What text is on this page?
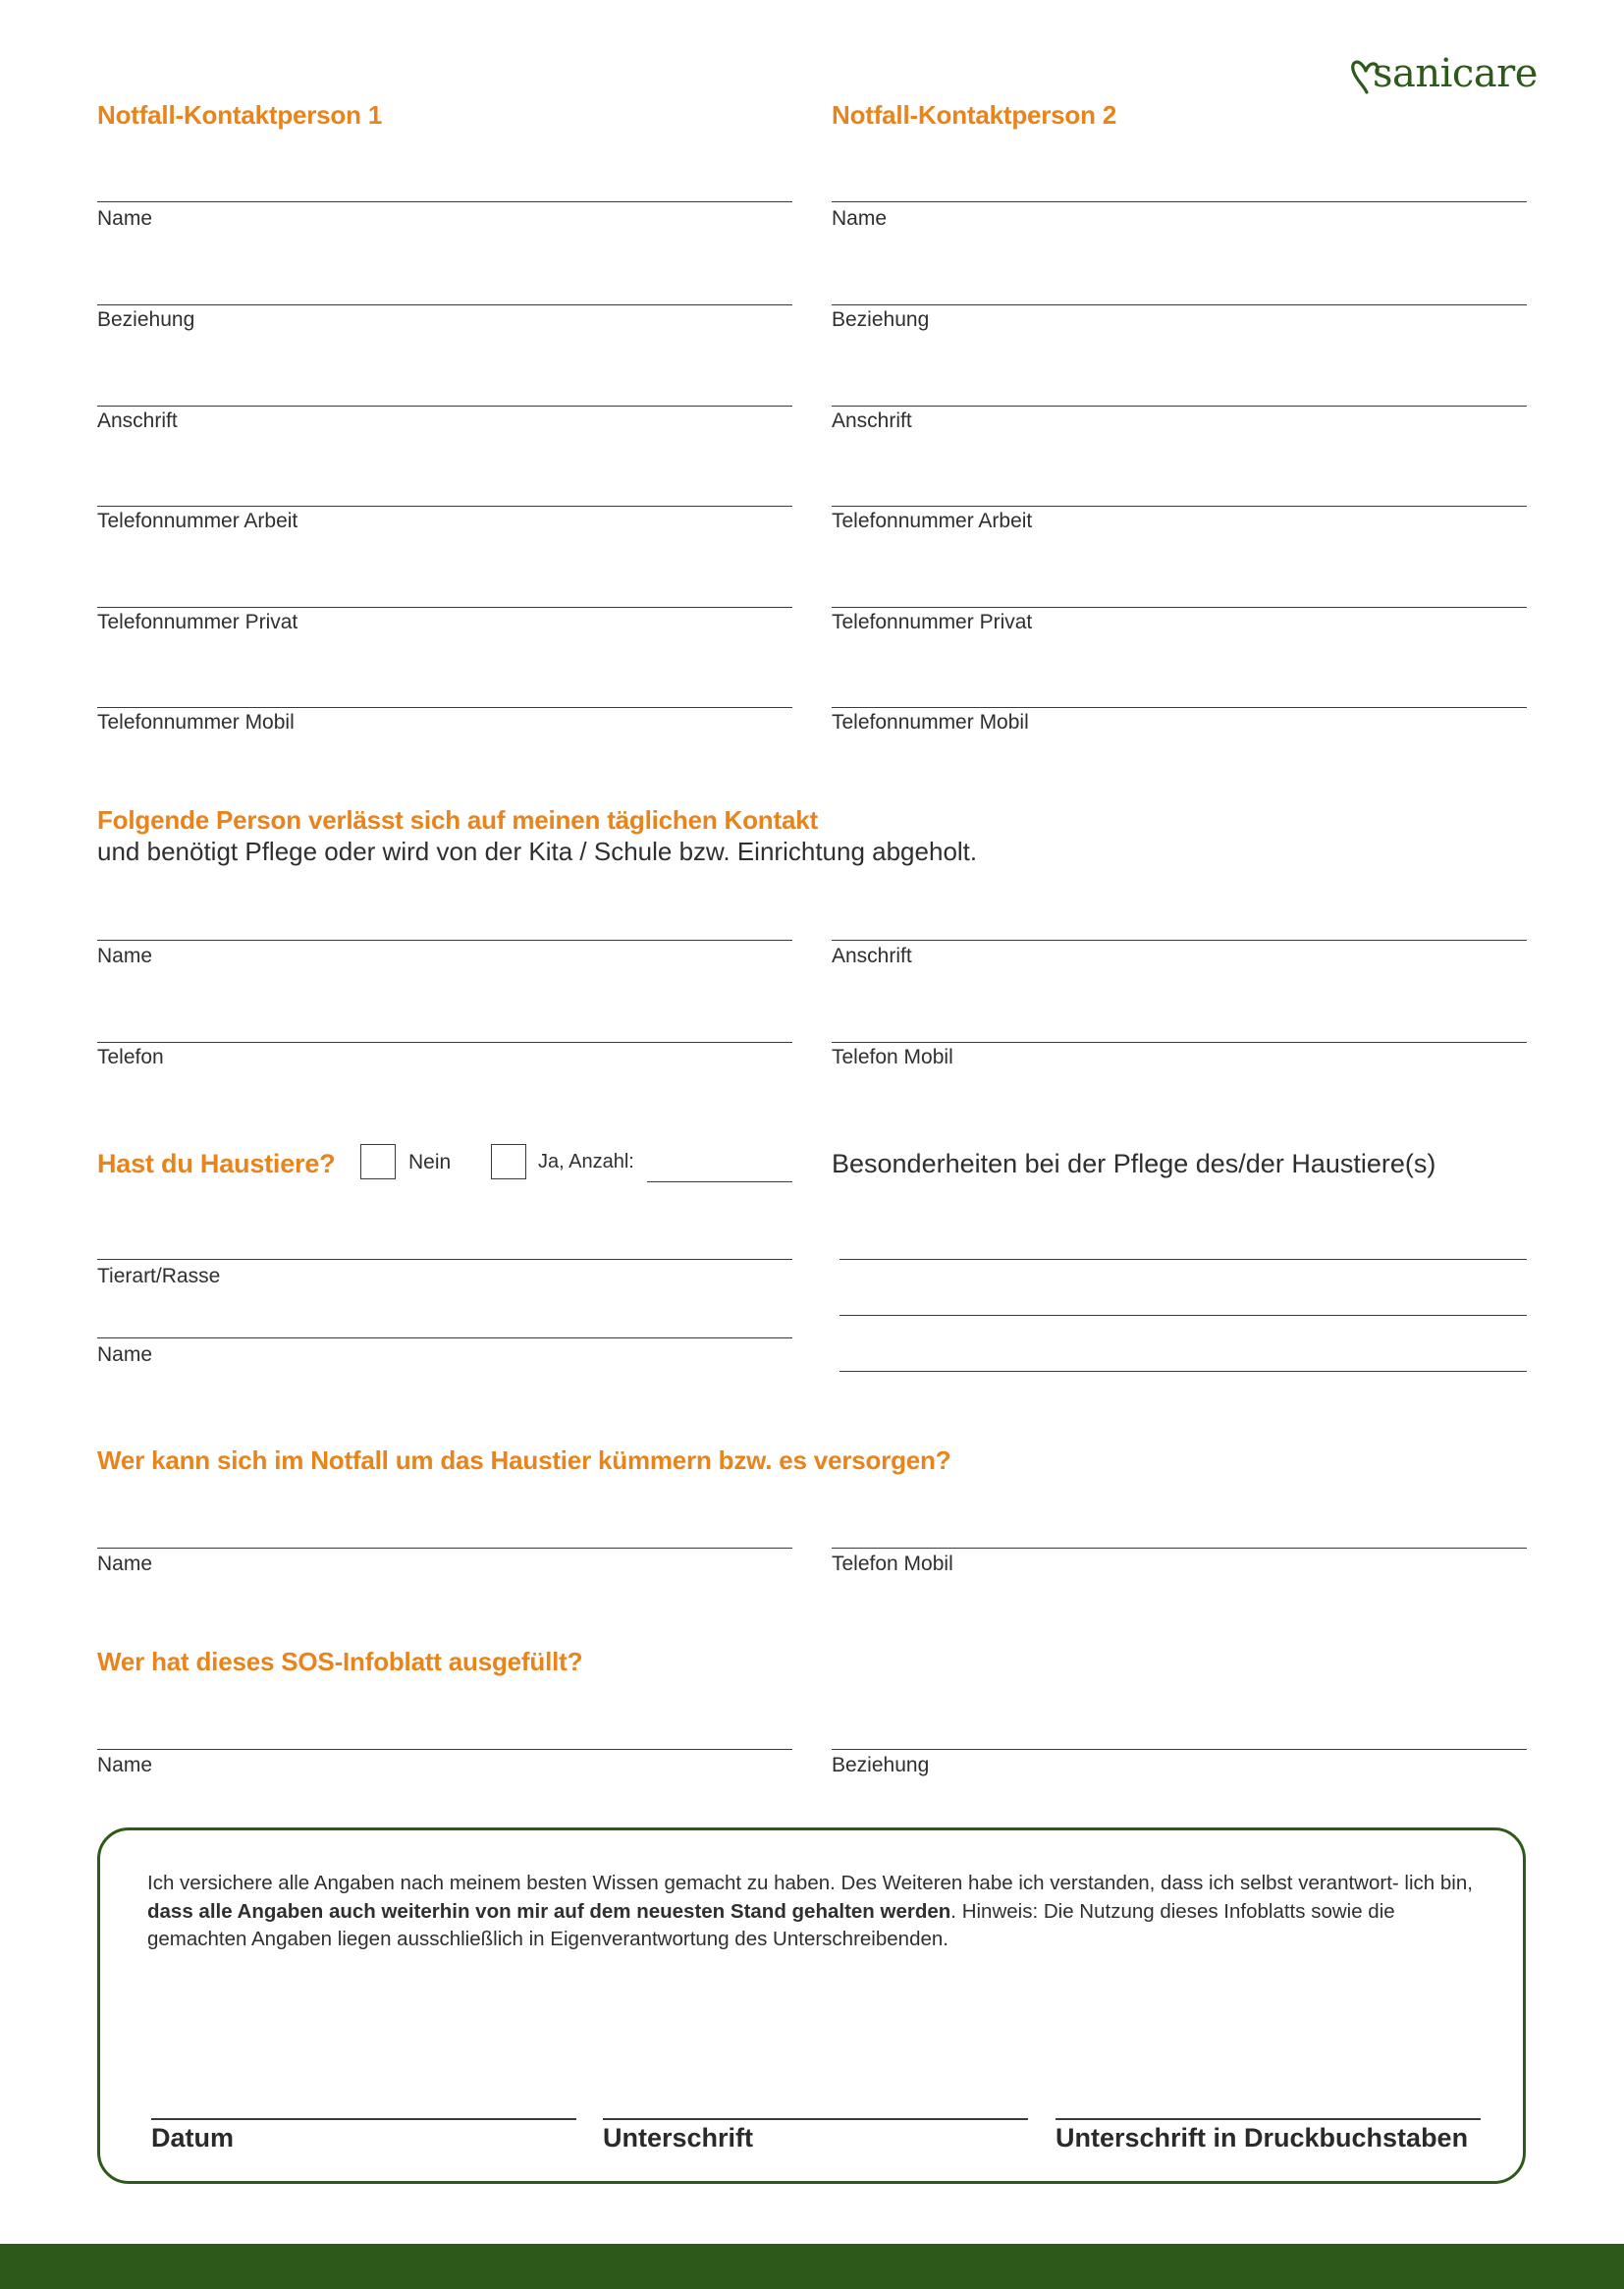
sanicare
Notfall-Kontaktperson 1
Name
Beziehung
Anschrift
Telefonnummer Arbeit
Telefonnummer Privat
Telefonnummer Mobil
Notfall-Kontaktperson 2
Name
Beziehung
Anschrift
Telefonnummer Arbeit
Telefonnummer Privat
Telefonnummer Mobil
Folgende Person verlässt sich auf meinen täglichen Kontakt
und benötigt Pflege oder wird von der Kita / Schule bzw. Einrichtung abgeholt.
Name	Anschrift
Telefon	Telefon Mobil
Hast du Haustiere?	Nein	Ja, Anzahl:	Besonderheiten bei der Pflege des/der Haustiere(s)
Tierart/Rasse
Name
Wer kann sich im Notfall um das Haustier kümmern bzw. es versorgen?
Name	Telefon Mobil
Wer hat dieses SOS-Infoblatt ausgefüllt?
Name	Beziehung
Ich versichere alle Angaben nach meinem besten Wissen gemacht zu haben. Des Weiteren habe ich verstanden, dass ich selbst verantwort- lich bin, dass alle Angaben auch weiterhin von mir auf dem neuesten Stand gehalten werden. Hinweis: Die Nutzung dieses Infoblatts sowie die gemachten Angaben liegen ausschließlich in Eigenverantwortung des Unterschreibenden.
Datum	Unterschrift	Unterschrift in Druckbuchstaben
